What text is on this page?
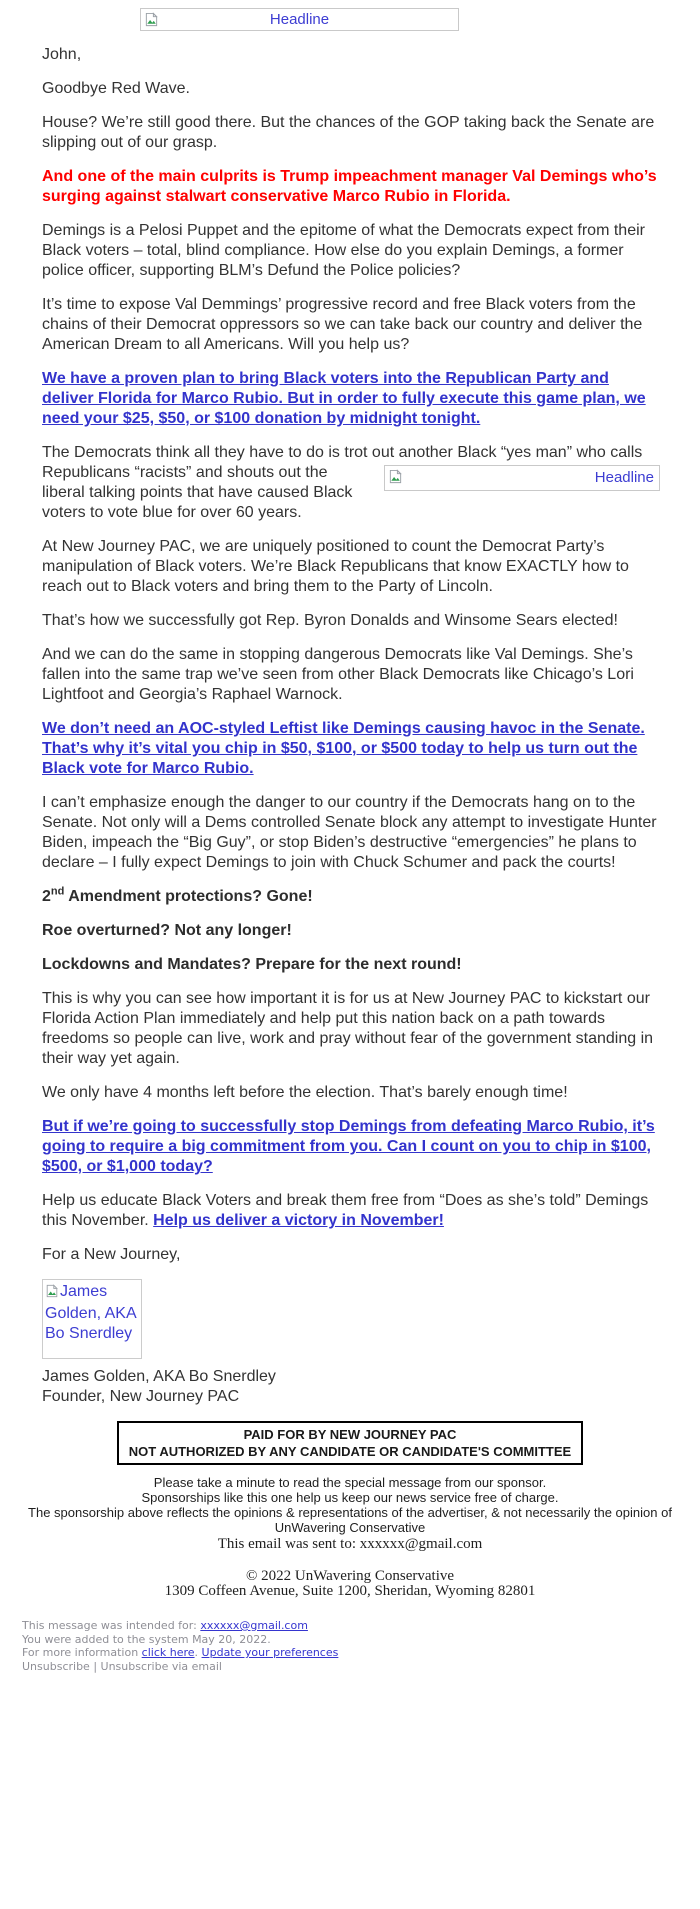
Headline

John,

Goodbye Red Wave.

House? We’re still good there. But the chances of the GOP taking back the Senate are slipping out of our grasp.

And one of the main culprits is Trump impeachment manager Val Demings who’s surging against stalwart conservative Marco Rubio in Florida.

Demings is a Pelosi Puppet and the epitome of what the Democrats expect from their Black voters – total, blind compliance. How else do you explain Demings, a former police officer, supporting BLM’s Defund the Police policies?

It’s time to expose Val Demmings’ progressive record and free Black voters from the chains of their Democrat oppressors so we can take back our country and deliver the American Dream to all Americans. Will you help us?

We have a proven plan to bring Black voters into the Republican Party and deliver Florida for Marco Rubio. But in order to fully execute this game plan, we need your $25, $50, or $100 donation by midnight tonight.

The Democrats think all they have to do is trot out another Black “yes man”
Headline
who calls Republicans “racists” and shouts out the liberal talking points that have caused Black voters to vote blue for over 60 years.

At New Journey PAC, we are uniquely positioned to count the Democrat Party’s manipulation of Black voters. We’re Black Republicans that know EXACTLY how to reach out to Black voters and bring them to the Party of Lincoln.

That’s how we successfully got Rep. Byron Donalds and Winsome Sears elected!

And we can do the same in stopping dangerous Democrats like Val Demings. She’s fallen into the same trap we’ve seen from other Black Democrats like Chicago’s Lori Lightfoot and Georgia’s Raphael Warnock.

We don’t need an AOC-styled Leftist like Demings causing havoc in the Senate. That’s why it’s vital you chip in $50, $100, or $500 today to help us turn out the Black vote for Marco Rubio.

I can’t emphasize enough the danger to our country if the Democrats hang on to the Senate. Not only will a Dems controlled Senate block any attempt to investigate Hunter Biden, impeach the “Big Guy”, or stop Biden’s destructive “emergencies” he plans to declare – I fully expect Demings to join with Chuck Schumer and pack the courts!

2nd Amendment protections? Gone!

Roe overturned? Not any longer!

Lockdowns and Mandates? Prepare for the next round!

This is why you can see how important it is for us at New Journey PAC to kickstart our Florida Action Plan immediately and help put this nation back on a path towards freedoms so people can live, work and pray without fear of the government standing in their way yet again.

We only have 4 months left before the election. That’s barely enough time!

But if we’re going to successfully stop Demings from defeating Marco Rubio, it’s going to require a big commitment from you. Can I count on you to chip in $100, $500, or $1,000 today?

Help us educate Black Voters and break them free from “Does as she’s told” Demings this November. Help us deliver a victory in November!

For a New Journey,

James Golden, AKA Bo Snerdley
James Golden, AKA Bo Snerdley
Founder, New Journey PAC
PAID FOR BY NEW JOURNEY PAC
NOT AUTHORIZED BY ANY CANDIDATE OR CANDIDATE'S COMMITTEE
Please take a minute to read the special message from our sponsor.
Sponsorships like this one help us keep our news service free of charge.
The sponsorship above reflects the opinions & representations of the advertiser, & not necessarily the opinion of UnWavering Conservative
This email was sent to: xxxxxx@gmail.com
© 2022 UnWavering Conservative
1309 Coffeen Avenue, Suite 1200, Sheridan, Wyoming 82801
This message was intended for: xxxxxx@gmail.com
You were added to the system May 20, 2022.
For more information click here. Update your preferences
Unsubscribe | Unsubscribe via email
